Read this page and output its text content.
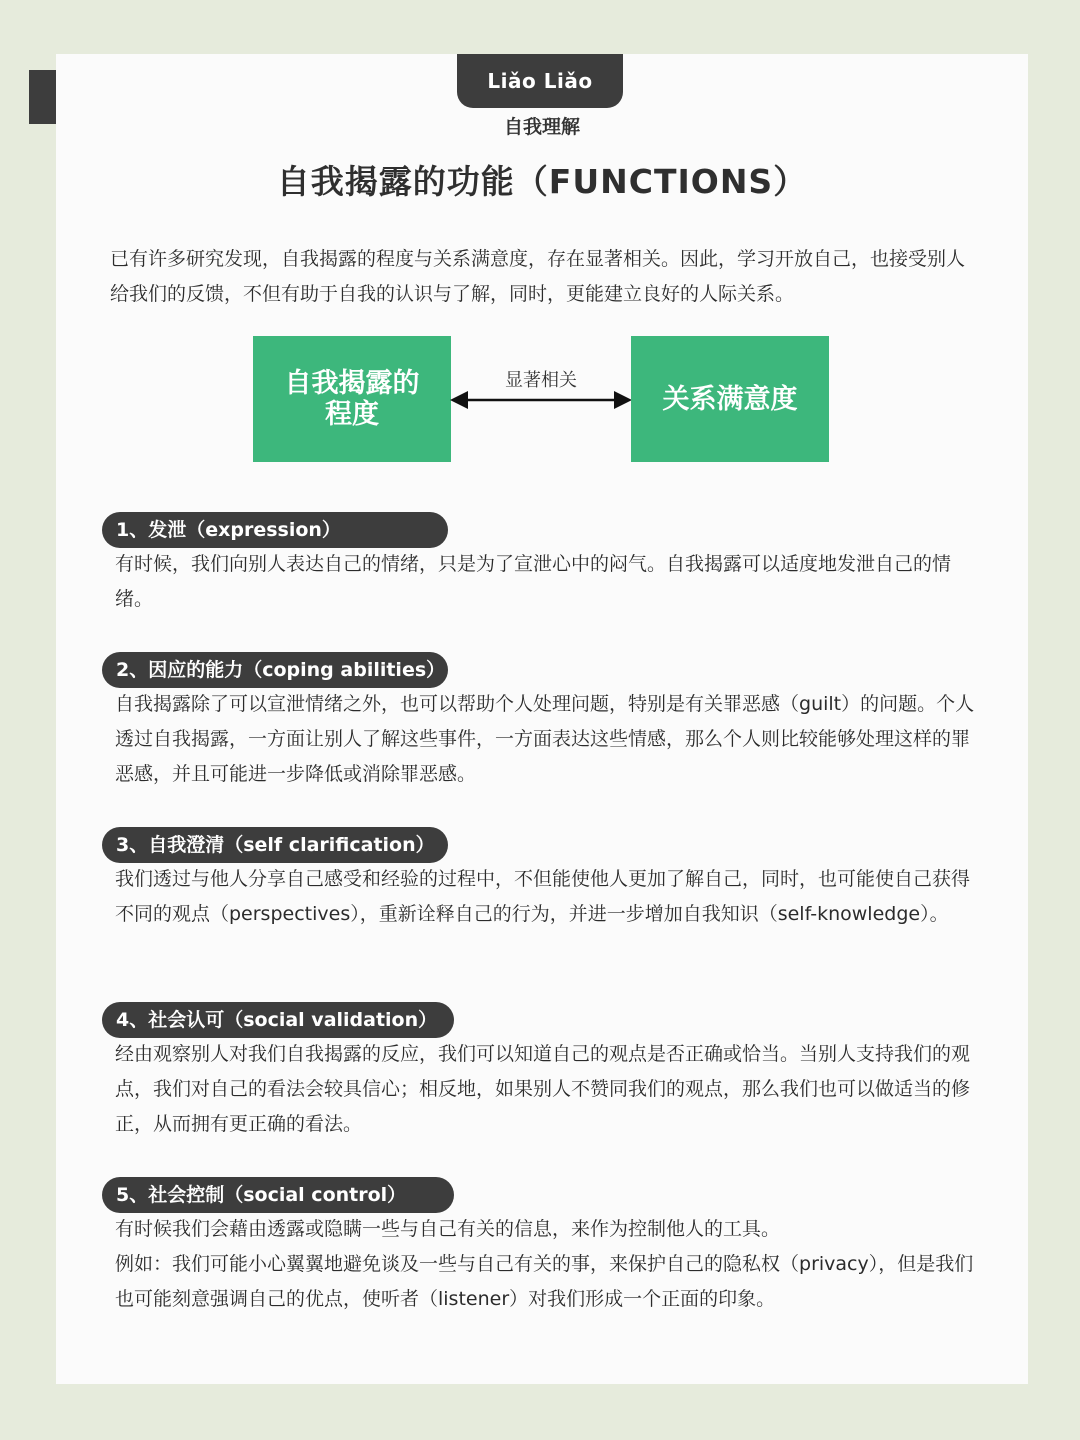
Liǎo Liǎo
自我理解
自我揭露的功能（FUNCTIONS）
已有许多研究发现，自我揭露的程度与关系满意度，存在显著相关。因此，学习开放自己，也接受别人给我们的反馈，不但有助于自我的认识与了解，同时，更能建立良好的人际关系。
自我揭露的
程度
显著相关
关系满意度
1、发泄（expression）

有时候，我们向别人表达自己的情绪，只是为了宣泄心中的闷气。自我揭露可以适度地发泄自己的情绪。

2、因应的能力（coping abilities）

自我揭露除了可以宣泄情绪之外，也可以帮助个人处理问题，特别是有关罪恶感（guilt）的问题。个人透过自我揭露，一方面让别人了解这些事件，一方面表达这些情感，那么个人则比较能够处理这样的罪恶感，并且可能进一步降低或消除罪恶感。

3、自我澄清（self clarification）

我们透过与他人分享自己感受和经验的过程中，不但能使他人更加了解自己，同时，也可能使自己获得不同的观点（perspectives），重新诠释自己的行为，并进一步增加自我知识（self-knowledge）。

4、社会认可（social validation）

经由观察别人对我们自我揭露的反应，我们可以知道自己的观点是否正确或恰当。当别人支持我们的观点，我们对自己的看法会较具信心；相反地，如果别人不赞同我们的观点，那么我们也可以做适当的修正，从而拥有更正确的看法。

5、社会控制（social control）

有时候我们会藉由透露或隐瞒一些与自己有关的信息，来作为控制他人的工具。

例如：我们可能小心翼翼地避免谈及一些与自己有关的事，来保护自己的隐私权（privacy），但是我们也可能刻意强调自己的优点，使听者（listener）对我们形成一个正面的印象。
